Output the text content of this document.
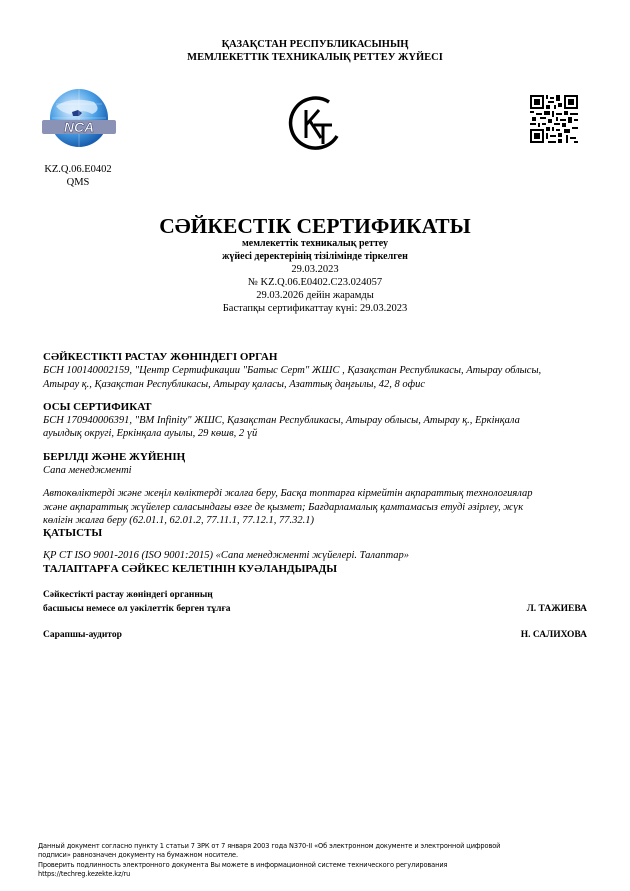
ҚАЗАҚСТАН РЕСПУБЛИКАСЫНЫҢ
МЕМЛЕКЕТТІК ТЕХНИКАЛЫҚ РЕТТЕУ ЖҮЙЕСІ
NCA
KZ.Q.06.E0402
QMS
СӘЙКЕСТІК СЕРТИФИКАТЫ
мемлекеттік техникалық реттеу
жүйесі деректерінің тізілімінде тіркелген
29.03.2023
№ KZ.Q.06.E0402.C23.024057
29.03.2026 дейін жарамды
Бастапқы сертификаттау күні: 29.03.2023
СӘЙКЕСТІКТІ РАСТАУ ЖӨНІНДЕГІ ОРГАН
БСН 100140002159, "Центр Сертификации "Батыс Серт" ЖШС , Қазақстан Республикасы, Атырау облысы,
Атырау қ., Қазақстан Республикасы, Атырау қаласы, Азаттық даңғылы, 42, 8 офис
ОСЫ СЕРТИФИКАТ
БСН 170940006391, "BM Infinity" ЖШС, Қазақстан Республикасы, Атырау облысы, Атырау қ., Еркінқала
ауылдық округі, Еркінқала ауылы, 29 көшв, 2 үй
БЕРІЛДІ ЖӘНЕ ЖҮЙЕНІҢ
Сапа менеджменті
Автокөліктерді және жеңіл көліктерді жалға беру, Басқа топтарға кірмейтін ақпараттық технологиялар
және ақпараттық жүйелер саласындағы өзге де қызмет; Бағдарламалық қамтамасыз етуді әзірлеу, жүк
көлігін жалға беру (62.01.1, 62.01.2, 77.11.1, 77.12.1, 77.32.1)
ҚАТЫСТЫ
ҚР СТ ISO 9001-2016 (ISO 9001:2015) «Сапа менеджменті жүйелері. Талаптар»
ТАЛАПТАРҒА СӘЙКЕС КЕЛЕТІНІН КУӘЛАНДЫРАДЫ
Сәйкестікті растау жөніндегі органның
басшысы немесе ол уәкілеттік берген тұлға	Л. ТАЖИЕВА
Сарапшы-аудитор	Н. САЛИХОВА
Данный документ согласно пункту 1 статьи 7 ЗРК от 7 января 2003 года N370-II «Об электронном документе и электронной цифровой
подписи» равнозначен документу на бумажном носителе.
Проверить подлинность электронного документа Вы можете в информационной системе технического регулирования
https://techreg.kezekte.kz/ru
